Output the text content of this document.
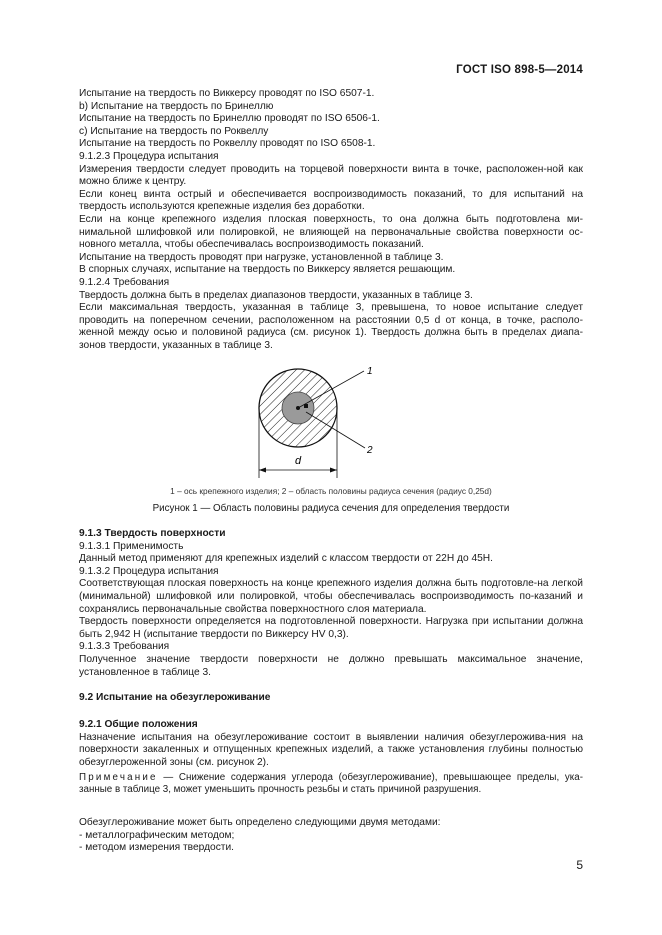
ГОСТ ISO 898-5—2014

Испытание на твердость по Виккерсу проводят по ISO 6507-1.

b) Испытание на твердость по Бринеллю

Испытание на твердость по Бринеллю проводят по ISO 6506-1.

с) Испытание на твердость по Роквеллу

Испытание на твердость по Роквеллу проводят по ISO 6508-1.

9.1.2.3 Процедура испытания

Измерения твердости следует проводить на торцевой поверхности винта в точке, расположен-ной как можно ближе к центру.

Если конец винта острый и обеспечивается воспроизводимость показаний, то для испытаний на твердость используются крепежные изделия без доработки.

Если на конце крепежного изделия плоская поверхность, то она должна быть подготовлена ми-нимальной шлифовкой или полировкой, не влияющей на первоначальные свойства поверхности ос-новного металла, чтобы обеспечивалась воспроизводимость показаний.

Испытание на твердость проводят при нагрузке, установленной в таблице 3.

В спорных случаях, испытание на твердость по Виккерсу является решающим.

9.1.2.4 Требования

Твердость должна быть в пределах диапазонов твердости, указанных в таблице 3.

Если максимальная твердость, указанная в таблице 3, превышена, то новое испытание следует проводить на поперечном сечении, расположенном на расстоянии 0,5 d от конца, в точке, располо-женной между осью и половиной радиуса (см. рисунок 1). Твердость должна быть в пределах диапа-зонов твердости, указанных в таблице 3.

1
2
d
1 – ось крепежного изделия; 2 – область половины радиуса сечения (радиус 0,25d)
Рисунок 1 — Область половины радиуса сечения для определения твердости

9.1.3 Твердость поверхности

9.1.3.1 Применимость

Данный метод применяют для крепежных изделий с классом твердости от 22Н до 45Н.

9.1.3.2 Процедура испытания

Соответствующая плоская поверхность на конце крепежного изделия должна быть подготовле-на легкой (минимальной) шлифовкой или полировкой, чтобы обеспечивалась воспроизводимость по-казаний и сохранялись первоначальные свойства поверхностного слоя материала.

Твердость поверхности определяется на подготовленной поверхности. Нагрузка при испытании должна быть 2,942 Н (испытание твердости по Виккерсу HV 0,3).

9.1.3.3 Требования

Полученное значение твердости поверхности не должно превышать максимальное значение, установленное в таблице 3.

9.2 Испытание на обезуглероживание

9.2.1 Общие положения

Назначение испытания на обезуглероживание состоит в выявлении наличия обезуглерожива-ния на поверхности закаленных и отпущенных крепежных изделий, а также установления глубины полностью обезуглероженной зоны (см. рисунок 2).

Примечание — Снижение содержания углерода (обезуглероживание), превышающее пределы, ука-занные в таблице 3, может уменьшить прочность резьбы и стать причиной разрушения.

Обезуглероживание может быть определено следующими двумя методами:

- металлографическим методом;

- методом измерения твердости.

5
